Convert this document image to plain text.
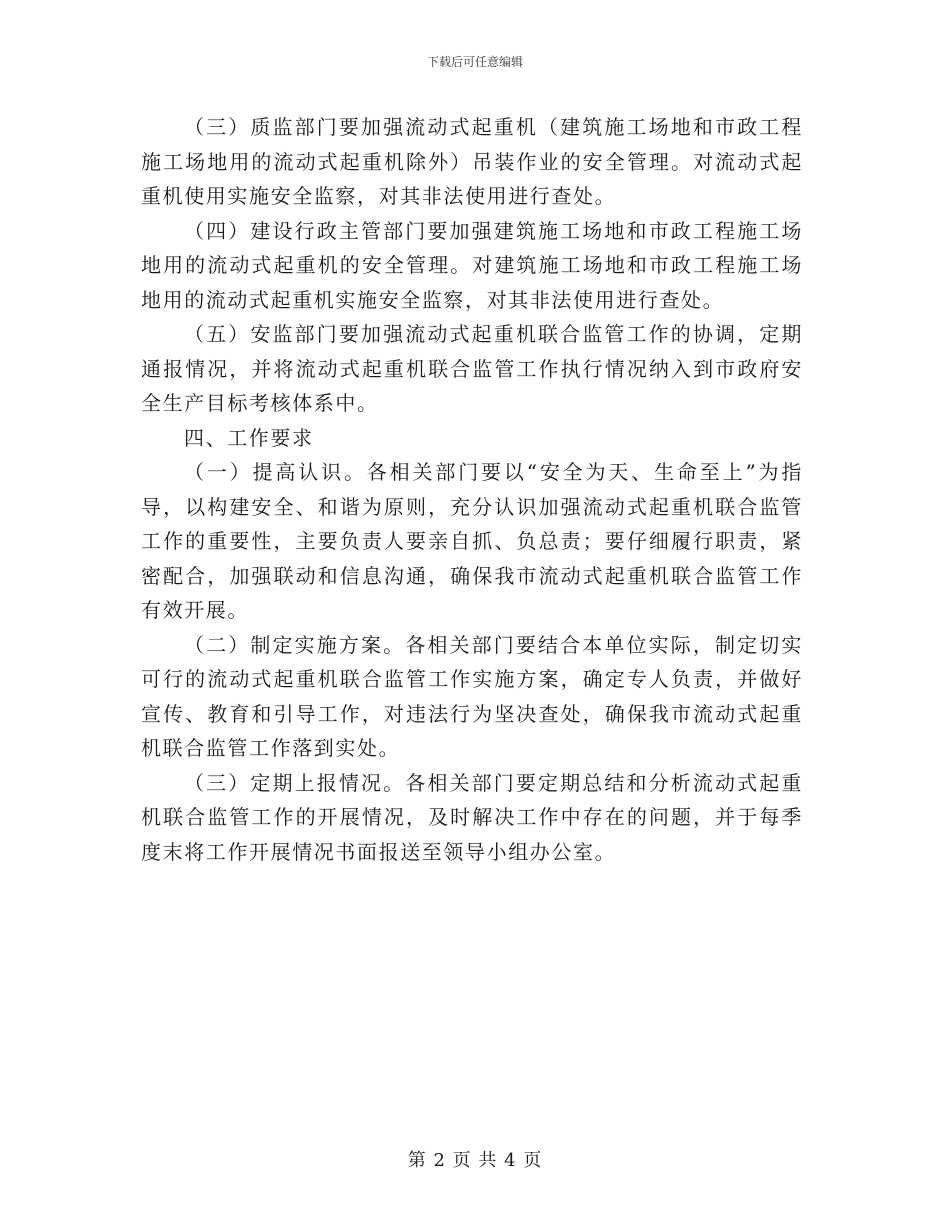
下载后可任意编辑

（三）质监部门要加强流动式起重机（建筑施工场地和市政工程施工场地用的流动式起重机除外）吊装作业的安全管理。对流动式起重机使用实施安全监察，对其非法使用进行查处。

（四）建设行政主管部门要加强建筑施工场地和市政工程施工场地用的流动式起重机的安全管理。对建筑施工场地和市政工程施工场地用的流动式起重机实施安全监察，对其非法使用进行查处。

（五）安监部门要加强流动式起重机联合监管工作的协调，定期通报情况，并将流动式起重机联合监管工作执行情况纳入到市政府安全生产目标考核体系中。

四、工作要求

（一）提高认识。各相关部门要以“安全为天、生命至上”为指导，以构建安全、和谐为原则，充分认识加强流动式起重机联合监管工作的重要性，主要负责人要亲自抓、负总责；要仔细履行职责，紧密配合，加强联动和信息沟通，确保我市流动式起重机联合监管工作有效开展。

（二）制定实施方案。各相关部门要结合本单位实际，制定切实可行的流动式起重机联合监管工作实施方案，确定专人负责，并做好宣传、教育和引导工作，对违法行为坚决查处，确保我市流动式起重机联合监管工作落到实处。

（三）定期上报情况。各相关部门要定期总结和分析流动式起重机联合监管工作的开展情况，及时解决工作中存在的问题，并于每季度末将工作开展情况书面报送至领导小组办公室。

第 2 页 共 4 页
